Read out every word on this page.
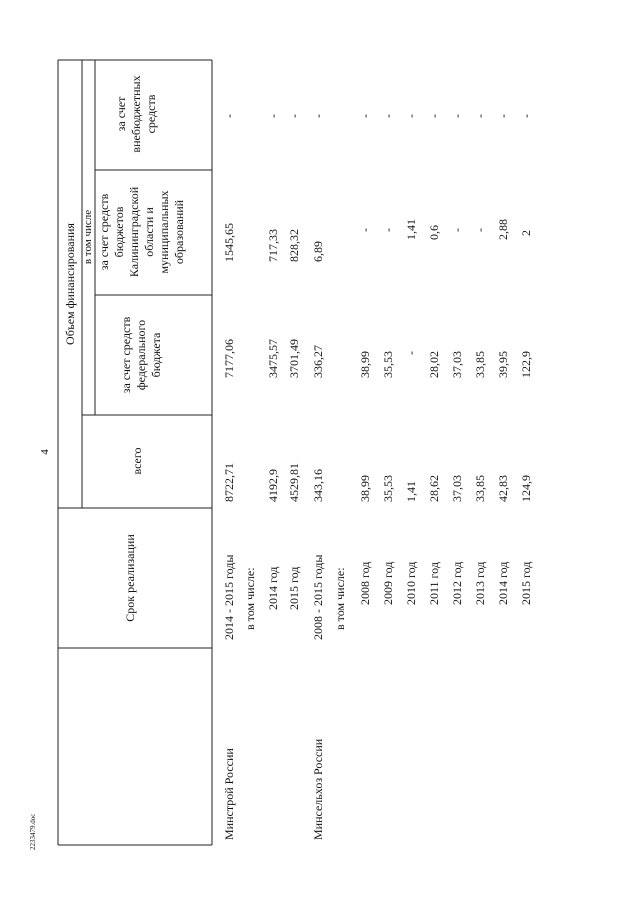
2233479.doc
4
Объем финансирования в том числе
Срок реализации
всего
за счет средств федерального бюджета
за счет средств бюджетов Калининградской области и муниципальных образований
за счет внебюджетных средств
Минстрой России
2014 - 2015 годы
8722,71
7177,06
1545,65
-
в том числе: 2014 год
4192,9
3475,57
717,33
-
2015 год
4529,81
3701,49
828,32
-
Минсельхоз России
2008 - 2015 годы
343,16
336,27
6,89
-
в том числе: 2008 год
38,99
38,99
-
-
2009 год
35,53
35,53
-
-
2010 год
1,41
-
1,41
-
2011 год
28,62
28,02
0,6
-
2012 год
37,03
37,03
-
-
2013 год
33,85
33,85
-
-
2014 год
42,83
39,95
2,88
-
2015 год
124,9
122,9
2
-
